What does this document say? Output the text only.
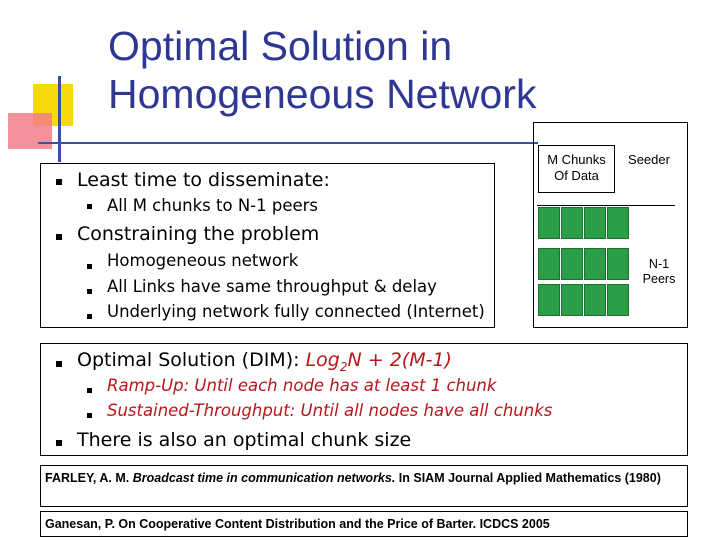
Optimal Solution in
Homogeneous Network
Least time to disseminate:
All M chunks to N-1 peers
Constraining the problem
Homogeneous network
All Links have same throughput & delay
Underlying network fully connected (Internet)
M Chunks
Of Data
Seeder
N-1
Peers
Optimal Solution (DIM): Log$_2$N + 2(M-1)
Ramp-Up: Until each node has at least 1 chunk
Sustained-Throughput: Until all nodes have all chunks
There is also an optimal chunk size
FARLEY, A. M. Broadcast time in communication networks. In SIAM Journal Applied Mathematics (1980)
Ganesan, P. On Cooperative Content Distribution and the Price of Barter. ICDCS 2005
